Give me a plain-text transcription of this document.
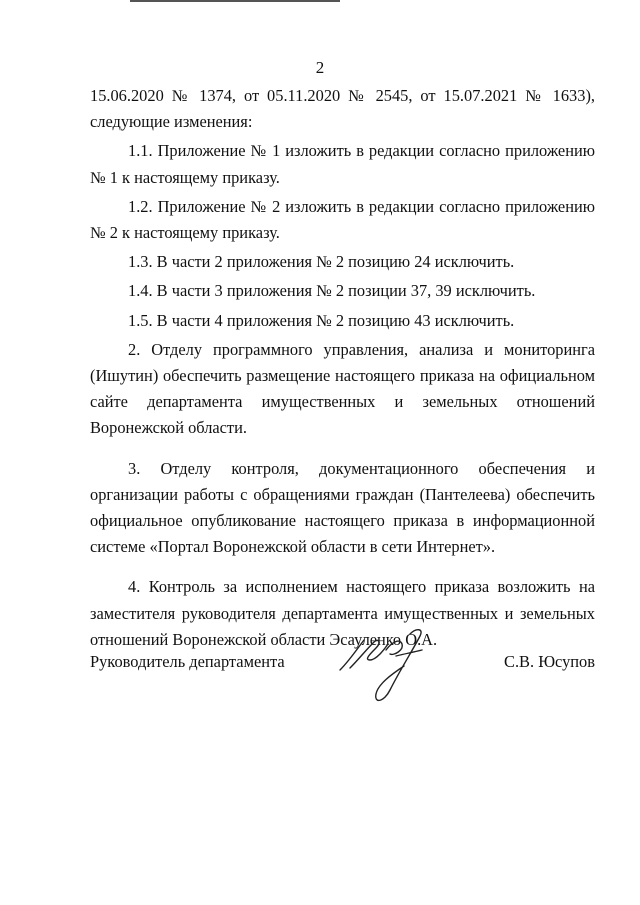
2

15.06.2020 № 1374, от 05.11.2020 № 2545, от 15.07.2021 № 1633), следующие изменения:

1.1. Приложение № 1 изложить в редакции согласно приложению № 1 к настоящему приказу.

1.2. Приложение № 2 изложить в редакции согласно приложению № 2 к настоящему приказу.

1.3. В части 2 приложения № 2 позицию 24 исключить.

1.4. В части 3 приложения № 2 позиции 37, 39 исключить.

1.5. В части 4 приложения № 2 позицию 43 исключить.

2. Отделу программного управления, анализа и мониторинга (Ишутин) обеспечить размещение настоящего приказа на официальном сайте департамента имущественных и земельных отношений Воронежской области.

3. Отделу контроля, документационного обеспечения и организации работы с обращениями граждан (Пантелеева) обеспечить официальное опубликование настоящего приказа в информационной системе «Портал Воронежской области в сети Интернет».

4. Контроль за исполнением настоящего приказа возложить на заместителя руководителя департамента имущественных и земельных отношений Воронежской области Эсауленко О.А.

Руководитель департамента	С.В. Юсупов
